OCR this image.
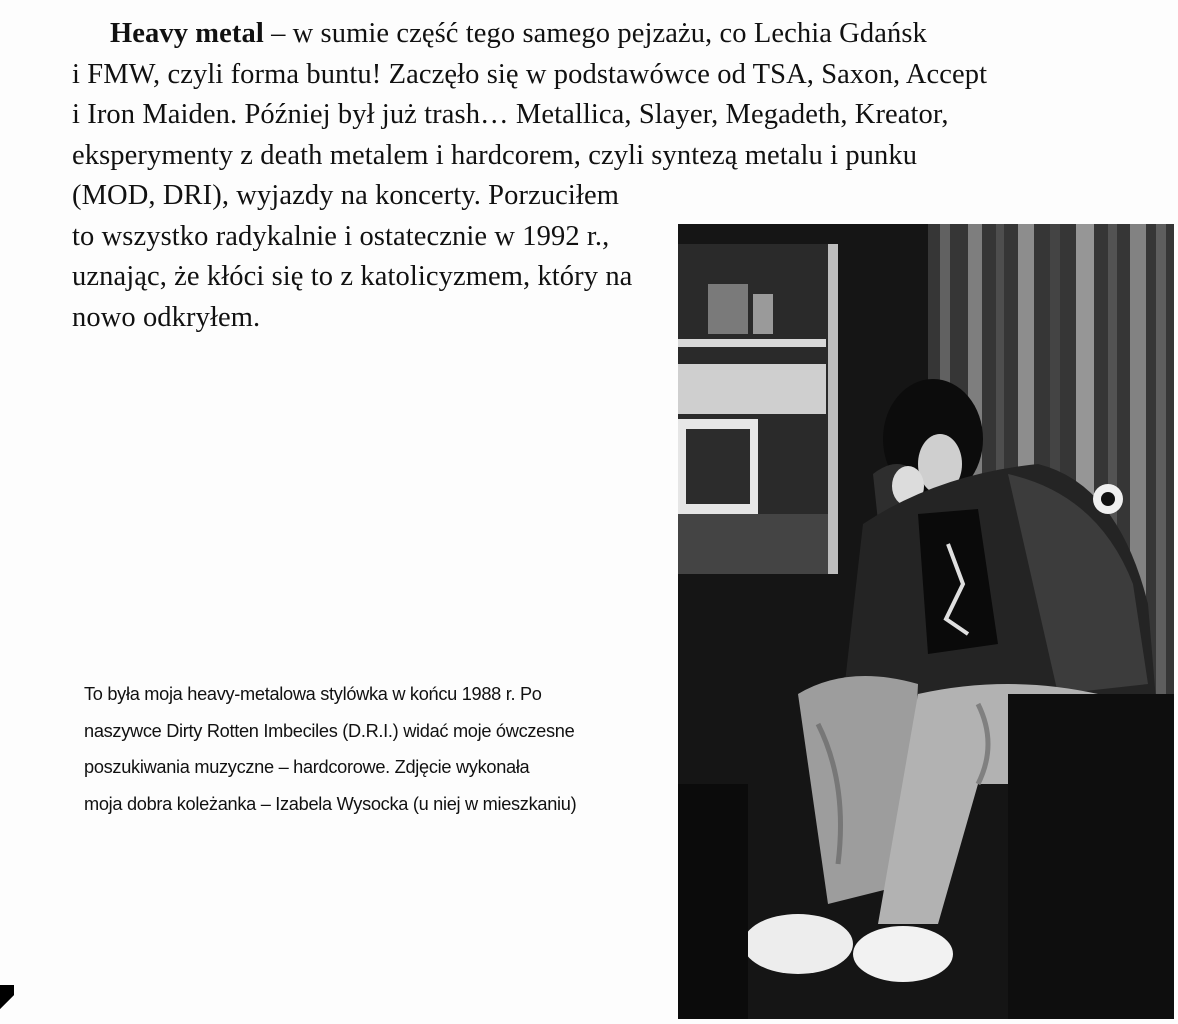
Heavy metal – w sumie część tego samego pejzażu, co Lechia Gdańsk
i FMW, czyli forma buntu! Zaczęło się w podstawówce od TSA, Saxon, Accept
i Iron Maiden. Później był już trash… Metallica, Slayer, Megadeth, Kreator,
eksperymenty z death metalem i hardcorem, czyli syntezą metalu i punku
(MOD, DRI), wyjazdy na koncerty. Porzuciłem
to wszystko radykalnie i ostatecznie w 1992 r.,
uznając, że kłóci się to z katolicyzmem, który na
nowo odkryłem.
To była moja heavy-metalowa stylówka w końcu 1988 r. Po
naszywce Dirty Rotten Imbeciles (D.R.I.) widać moje ówczesne
poszukiwania muzyczne – hardcorowe. Zdjęcie wykonała
moja dobra koleżanka – Izabela Wysocka (u niej w mieszkaniu)
